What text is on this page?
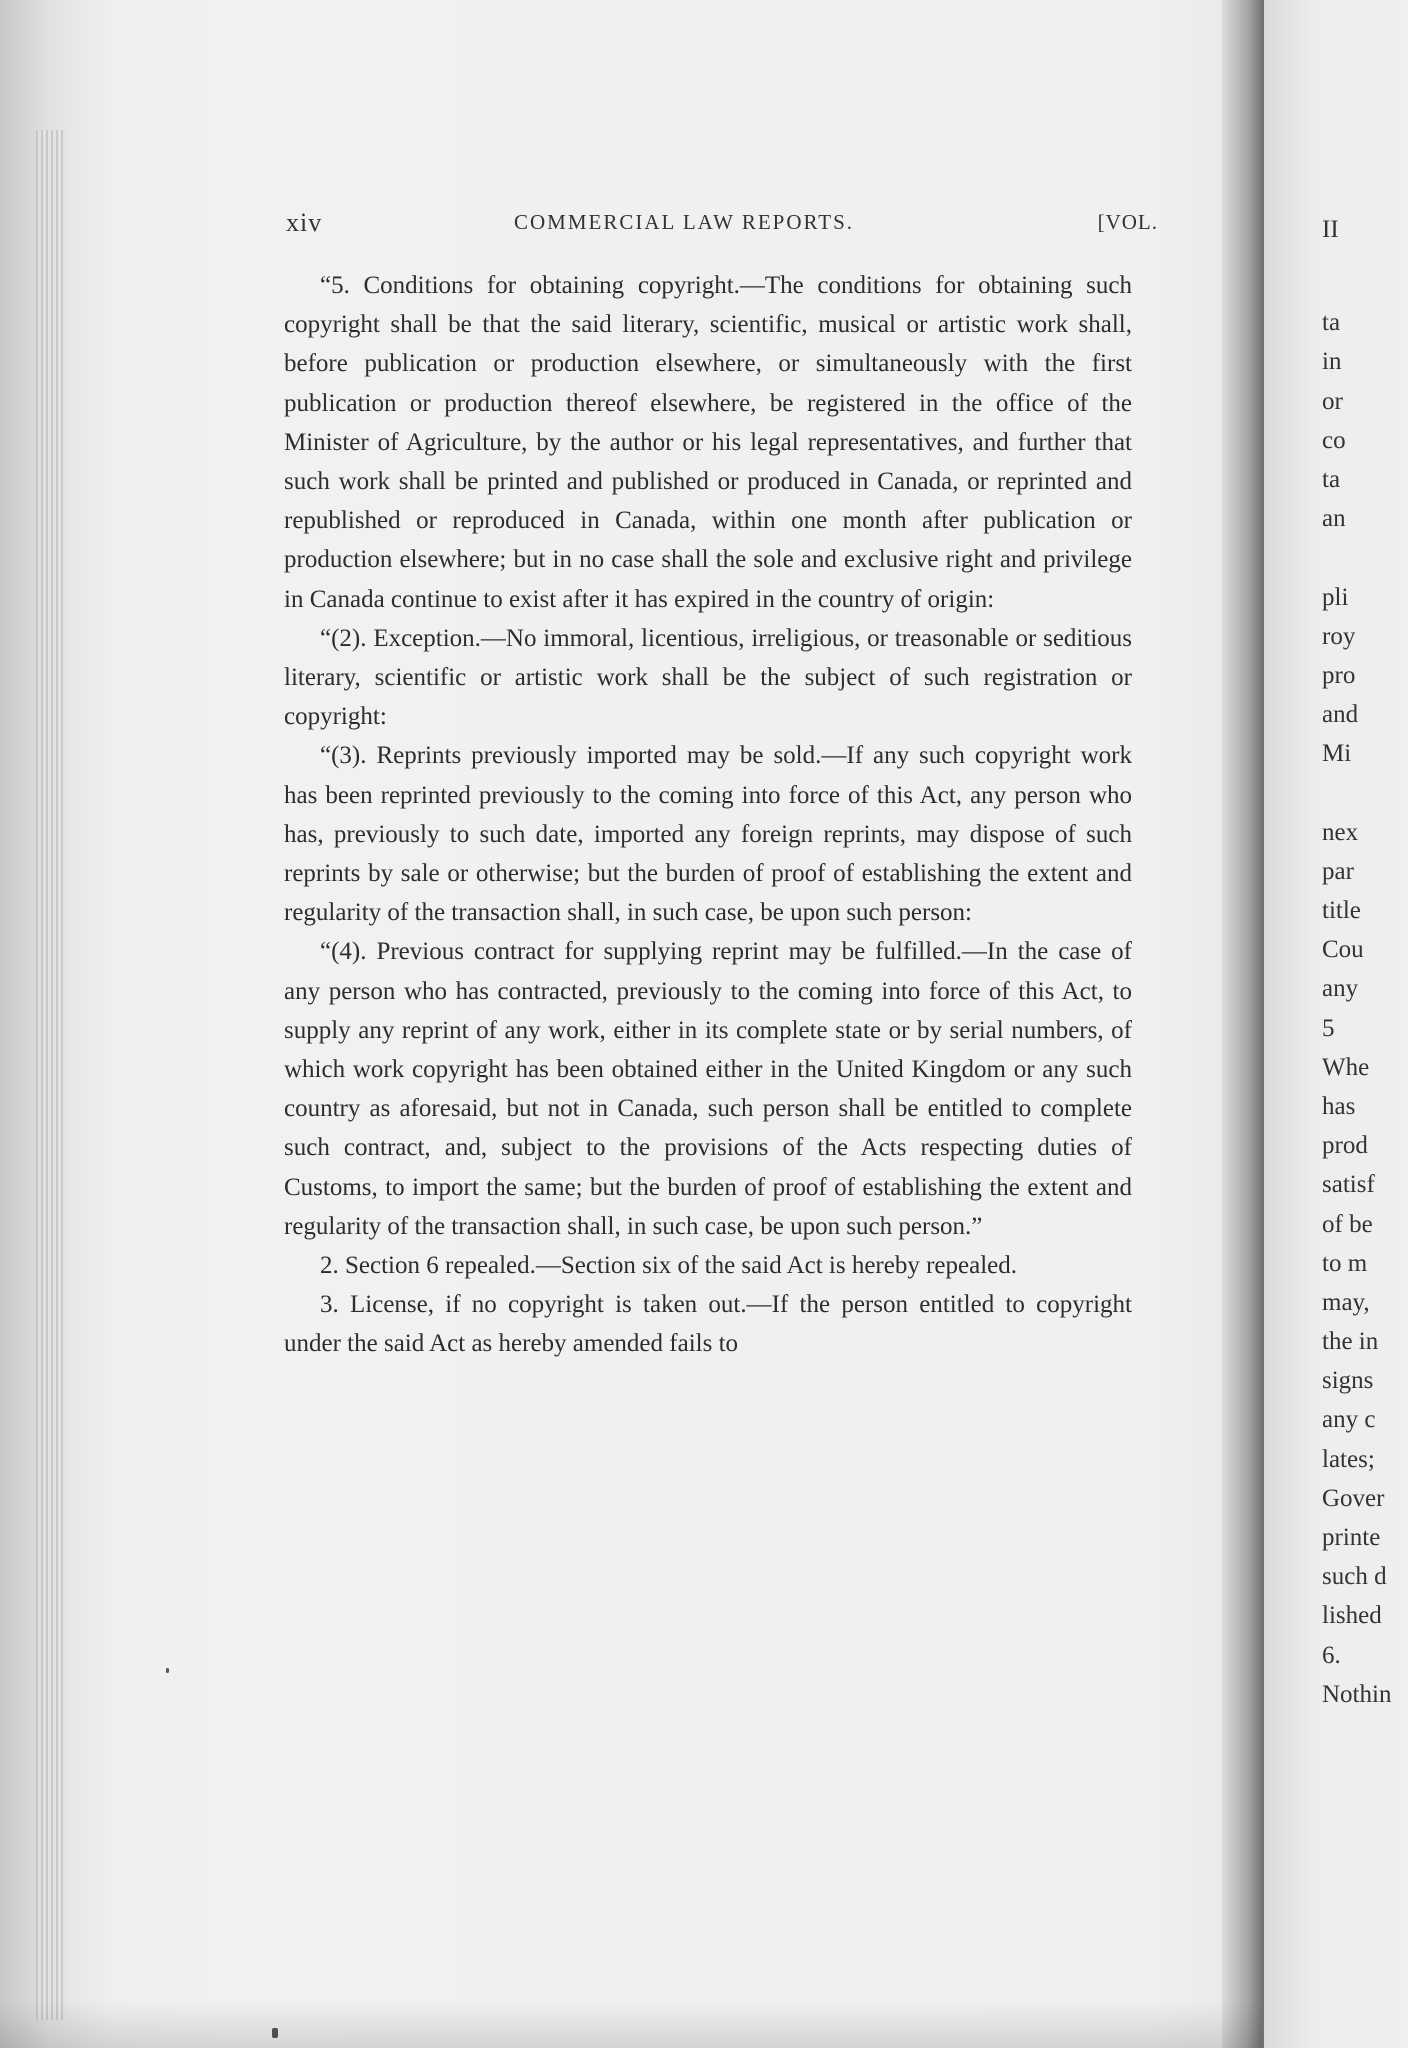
xiv	COMMERCIAL LAW REPORTS.	[VOL.

“5. Conditions for obtaining copyright.—The conditions for obtaining such copyright shall be that the said literary, scientific, musical or artistic work shall, before publication or production elsewhere, or simultaneously with the first publication or production thereof elsewhere, be registered in the office of the Minister of Agriculture, by the author or his legal representatives, and further that such work shall be printed and published or produced in Canada, or reprinted and republished or reproduced in Canada, within one month after publication or production elsewhere; but in no case shall the sole and exclusive right and privilege in Canada continue to exist after it has expired in the country of origin:

“(2). Exception.—No immoral, licentious, irreligious, or treasonable or seditious literary, scientific or artistic work shall be the subject of such registration or copyright:

“(3). Reprints previously imported may be sold.—If any such copyright work has been reprinted previously to the coming into force of this Act, any person who has, previously to such date, imported any foreign reprints, may dispose of such reprints by sale or otherwise; but the burden of proof of establishing the extent and regularity of the transaction shall, in such case, be upon such person:

“(4). Previous contract for supplying reprint may be fulfilled.—In the case of any person who has contracted, previously to the coming into force of this Act, to supply any reprint of any work, either in its complete state or by serial numbers, of which work copyright has been obtained either in the United Kingdom or any such country as aforesaid, but not in Canada, such person shall be entitled to complete such contract, and, subject to the provisions of the Acts respecting duties of Customs, to import the same; but the burden of proof of establishing the extent and regularity of the transaction shall, in such case, be upon such person.”

2. Section 6 repealed.—Section six of the said Act is hereby repealed.

3. License, if no copyright is taken out.—If the person entitled to copyright under the said Act as hereby amended fails to

II
ta
in
or
co
ta
an
pli
roy
pro
and
Mi
nex
par
title
Cou
any
5
Whe
has
prod
satisf
of be
to m
may,
the in
signs
any c
lates;
Gover
printe
such d
lished
6.
Nothin
